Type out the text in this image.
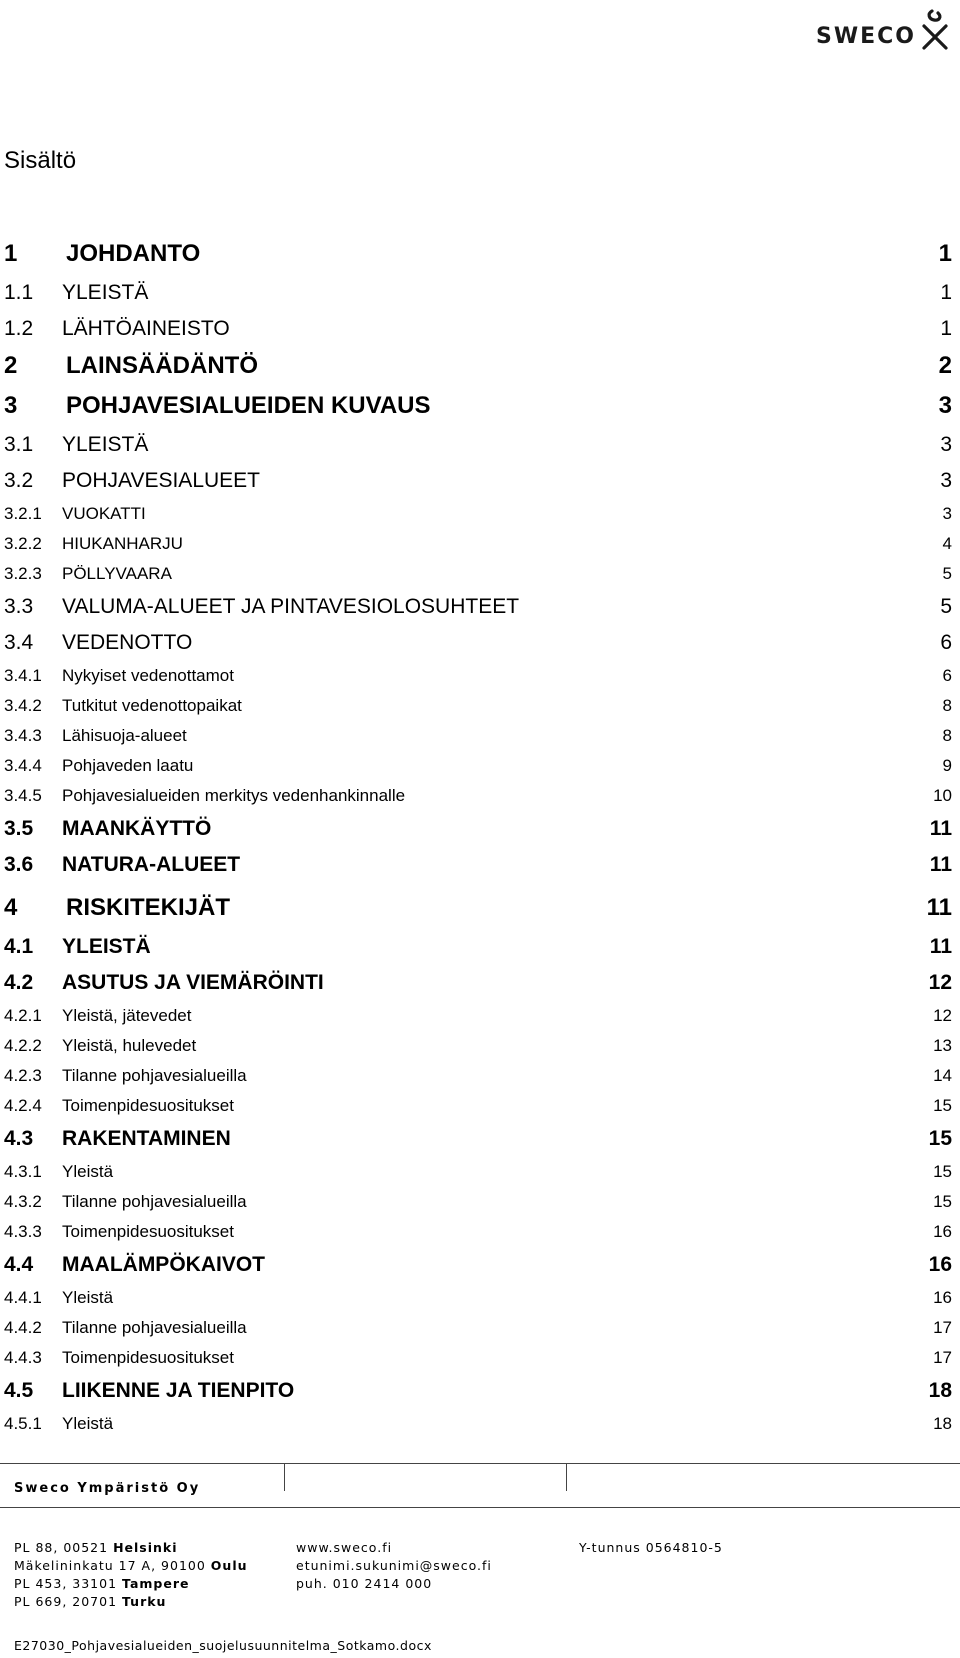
SWECO
Sisältö
1	JOHDANTO	1
1.1	YLEISTÄ	1
1.2	LÄHTÖAINEISTO	1
2	LAINSÄÄDÄNTÖ	2
3	POHJAVESIALUEIDEN KUVAUS	3
3.1	YLEISTÄ	3
3.2	POHJAVESIALUEET	3
3.2.1	VUOKATTI	3
3.2.2	HIUKANHARJU	4
3.2.3	PÖLLYVAARA	5
3.3	VALUMA-ALUEET JA PINTAVESIOLOSUHTEET	5
3.4	VEDENOTTO	6
3.4.1	Nykyiset vedenottamot	6
3.4.2	Tutkitut vedenottopaikat	8
3.4.3	Lähisuoja-alueet	8
3.4.4	Pohjaveden laatu	9
3.4.5	Pohjavesialueiden merkitys vedenhankinnalle	10
3.5	MAANKÄYTTÖ	11
3.6	NATURA-ALUEET	11
4	RISKITEKIJÄT	11
4.1	YLEISTÄ	11
4.2	ASUTUS JA VIEMÄRÖINTI	12
4.2.1	Yleistä, jätevedet	12
4.2.2	Yleistä, hulevedet	13
4.2.3	Tilanne pohjavesialueilla	14
4.2.4	Toimenpidesuositukset	15
4.3	RAKENTAMINEN	15
4.3.1	Yleistä	15
4.3.2	Tilanne pohjavesialueilla	15
4.3.3	Toimenpidesuositukset	16
4.4	MAALÄMPÖKAIVOT	16
4.4.1	Yleistä	16
4.4.2	Tilanne pohjavesialueilla	17
4.4.3	Toimenpidesuositukset	17
4.5	LIIKENNE JA TIENPITO	18
4.5.1	Yleistä	18
Sweco Ympäristö Oy
PL 88, 00521 Helsinki
Mäkelininkatu 17 A, 90100 Oulu
PL 453, 33101 Tampere
PL 669, 20701 Turku
www.sweco.fi
etunimi.sukunimi@sweco.fi
puh. 010 2414 000
Y-tunnus 0564810-5
E27030_Pohjavesialueiden_suojelusuunnitelma_Sotkamo.docx
